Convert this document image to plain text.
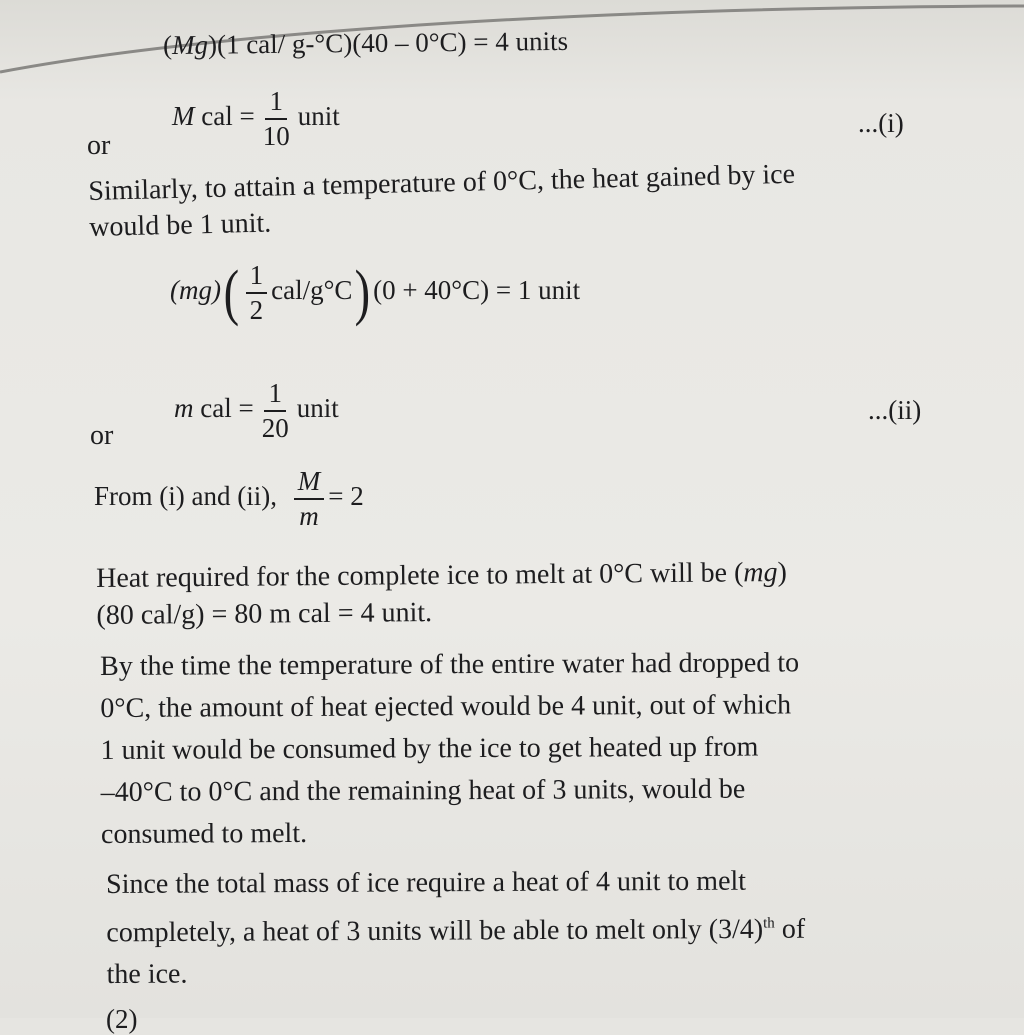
(Mg)(1 cal/ g-°C)(40 – 0°C) = 4 units
or
M cal = $\frac{1}{10}$ unit	...(i)
Similarly, to attain a temperature of 0°C, the heat gained by ice
would be 1 unit.
$(mg)( \frac{1}{2} cal/g^\circ C)(0 + 40^\circ C) = 1$ unit
or
m cal = $\frac{1}{20}$ unit	...(ii)
From (i) and (ii), $\frac{M}{m} = 2$
Heat required for the complete ice to melt at 0°C will be (mg)
(80 cal/g) = 80 m cal = 4 unit.
By the time the temperature of the entire water had dropped to
0°C, the amount of heat ejected would be 4 unit, out of which
1 unit would be consumed by the ice to get heated up from
–40°C to 0°C and the remaining heat of 3 units, would be
consumed to melt.
Since the total mass of ice require a heat of 4 unit to melt
completely, a heat of 3 units will be able to melt only $(3/4)^{th}$ of
the ice.
(2)
